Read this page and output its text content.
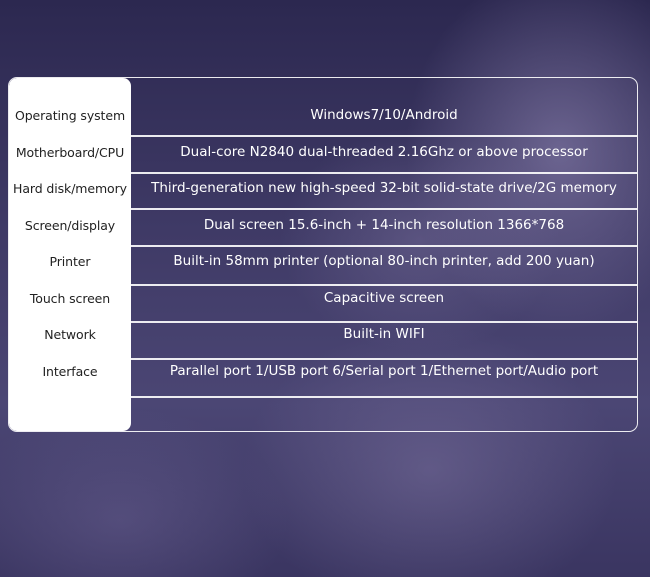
Operating system	Windows7/10/Android
Motherboard/CPU	Dual-core N2840 dual-threaded 2.16Ghz or above processor
Hard disk/memory	Third-generation new high-speed 32-bit solid-state drive/2G memory
Screen/display	Dual screen 15.6-inch + 14-inch resolution 1366*768
Printer	Built-in 58mm printer (optional 80-inch printer, add 200 yuan)
Touch screen	Capacitive screen
Network	Built-in WIFI
Interface	Parallel port 1/USB port 6/Serial port 1/Ethernet port/Audio port
